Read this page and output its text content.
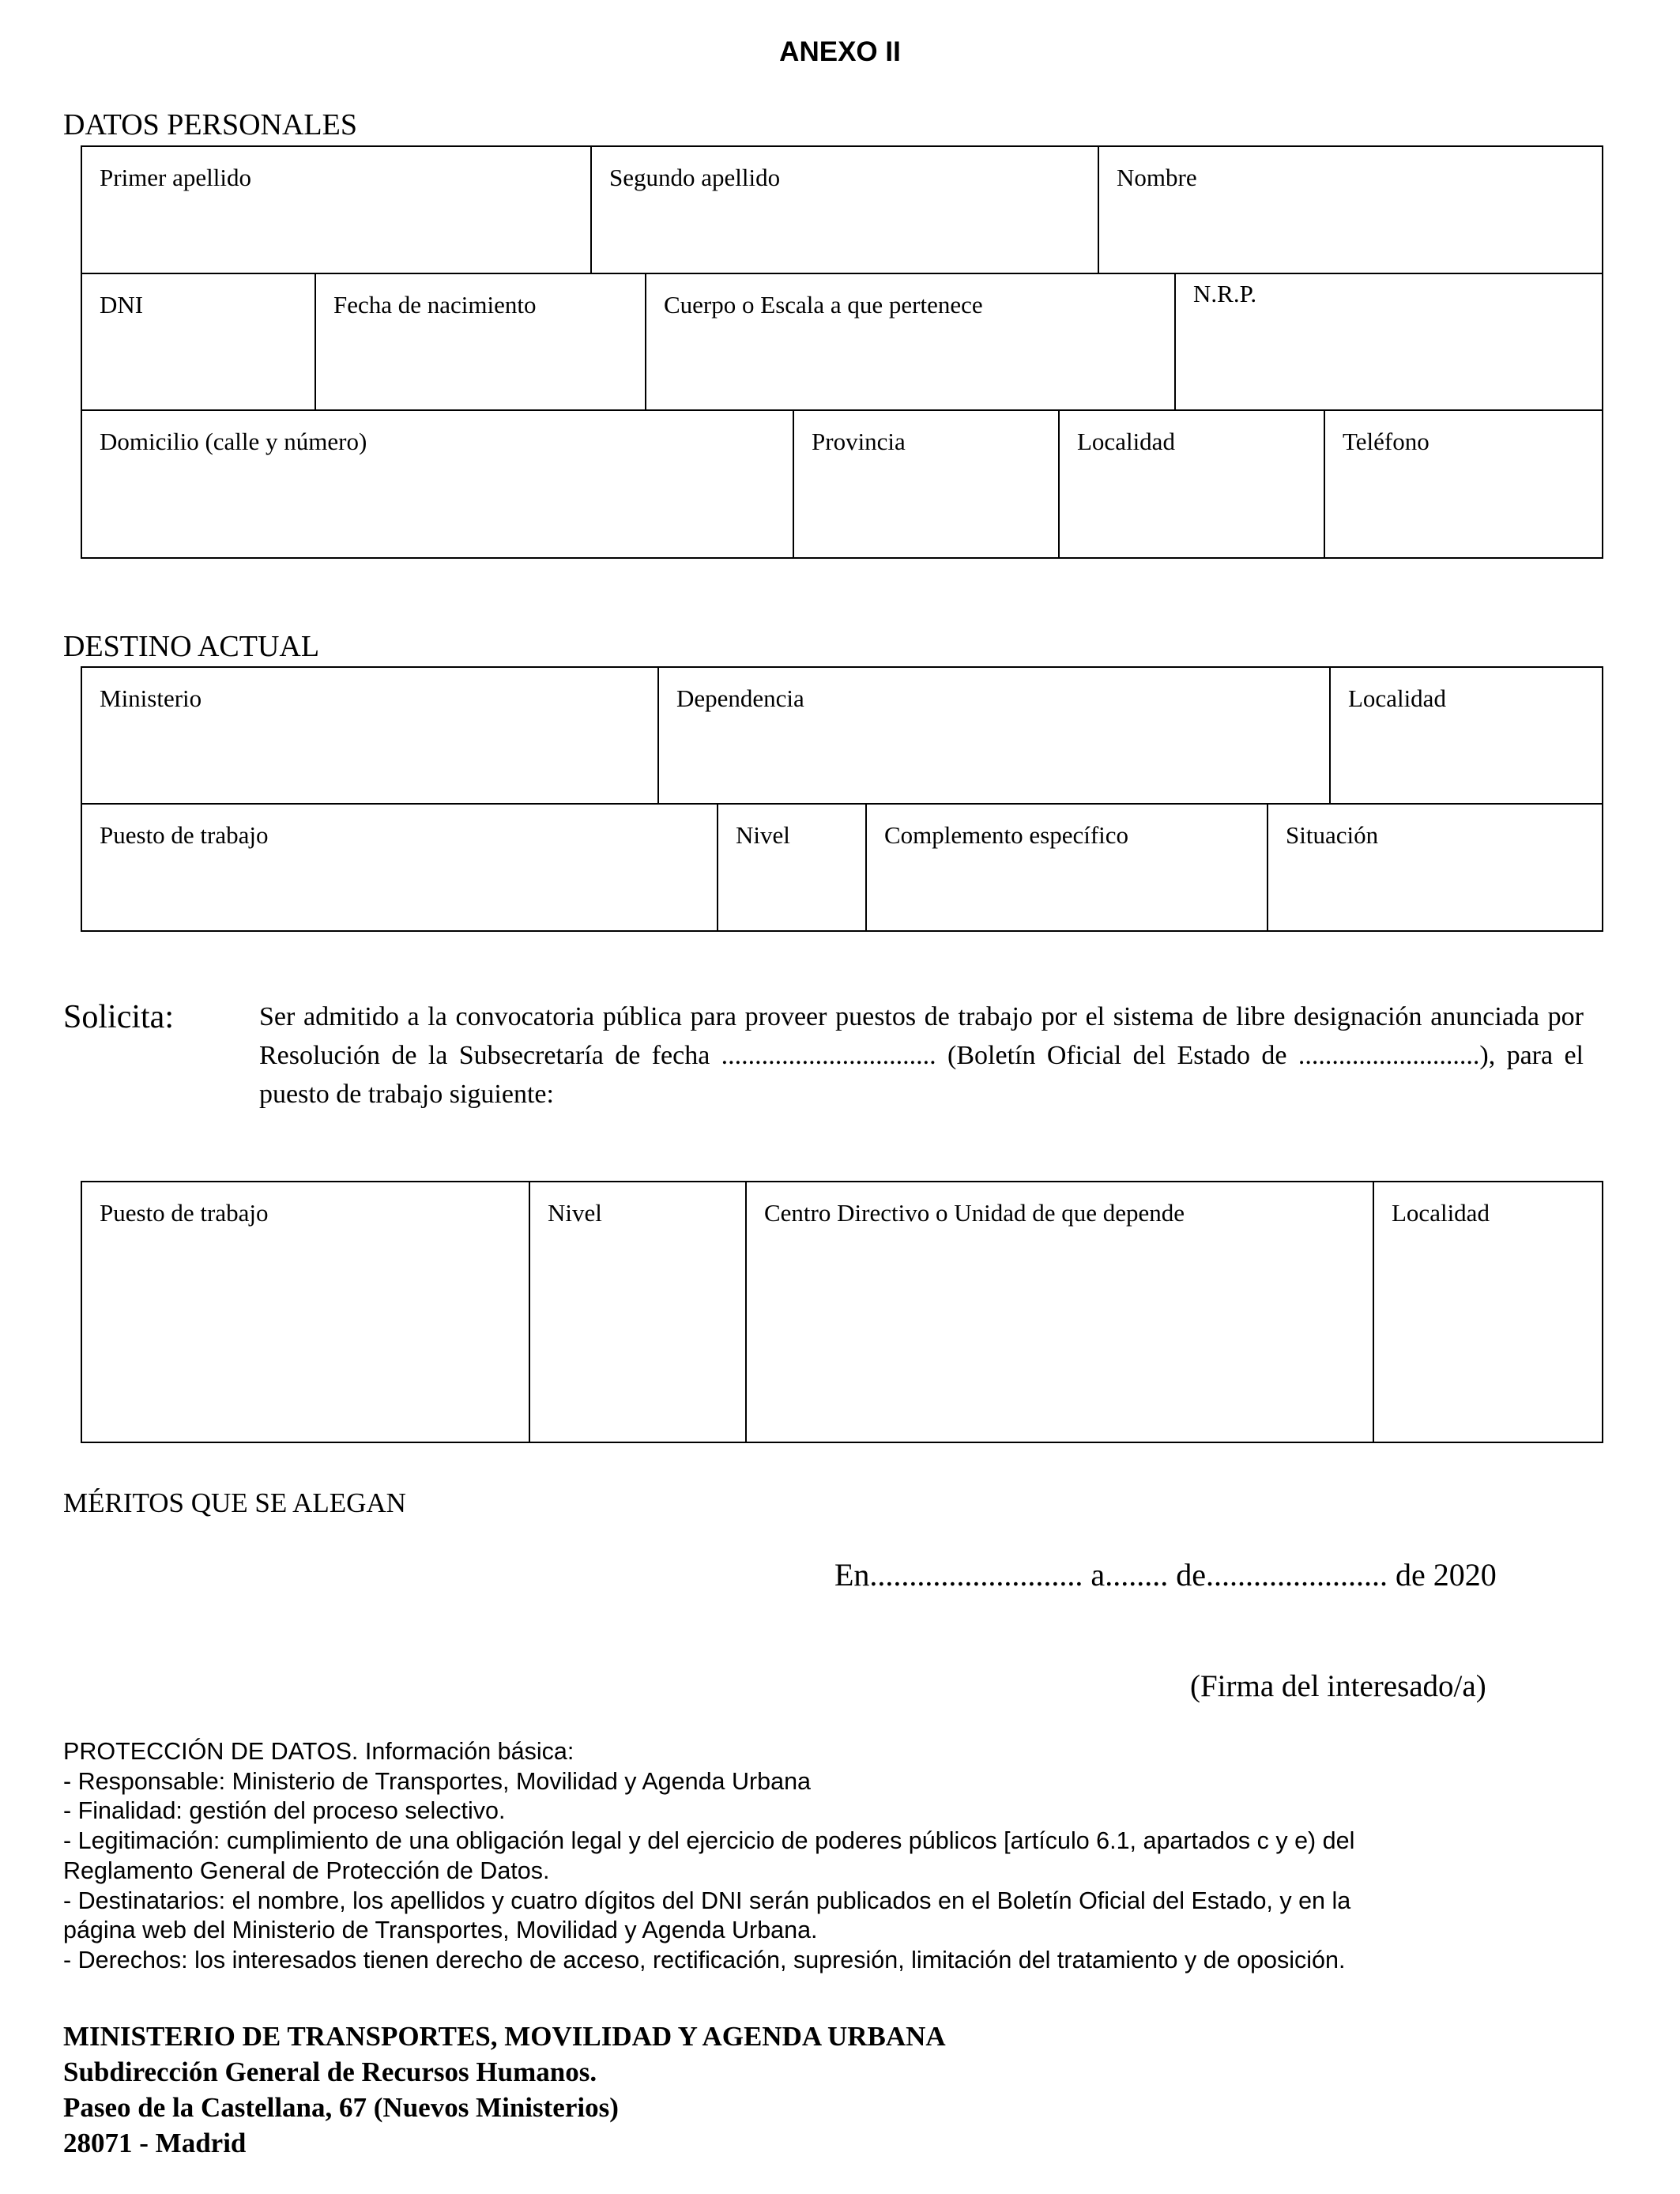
ANEXO II
DATOS PERSONALES
Primer apellido	Segundo apellido	Nombre
DNI	Fecha de nacimiento	Cuerpo o Escala a que pertenece	N.R.P.
Domicilio (calle y número)	Provincia	Localidad	Teléfono
DESTINO ACTUAL
Ministerio	Dependencia	Localidad
Puesto de trabajo	Nivel	Complemento específico	Situación
Solicita:	Ser admitido a la convocatoria pública para proveer puestos de trabajo por el sistema de libre designación anunciada por Resolución de la Subsecretaría de fecha ................................ (Boletín Oficial del Estado de ...........................), para el puesto de trabajo siguiente:
Puesto de trabajo	Nivel	Centro Directivo o Unidad de que depende	Localidad
MÉRITOS QUE SE ALEGAN
En........................... a........ de....................... de 2020
(Firma del interesado/a)
PROTECCIÓN DE DATOS. Información básica:
- Responsable: Ministerio de Transportes, Movilidad y Agenda Urbana
- Finalidad: gestión del proceso selectivo.
- Legitimación: cumplimiento de una obligación legal y del ejercicio de poderes públicos [artículo 6.1, apartados c y e) del
Reglamento General de Protección de Datos.
- Destinatarios: el nombre, los apellidos y cuatro dígitos del DNI serán publicados en el Boletín Oficial del Estado, y en la
página web del Ministerio de Transportes, Movilidad y Agenda Urbana.
- Derechos: los interesados tienen derecho de acceso, rectificación, supresión, limitación del tratamiento y de oposición.
MINISTERIO DE TRANSPORTES, MOVILIDAD Y AGENDA URBANA
Subdirección General de Recursos Humanos.
Paseo de la Castellana, 67 (Nuevos Ministerios)
28071 - Madrid
